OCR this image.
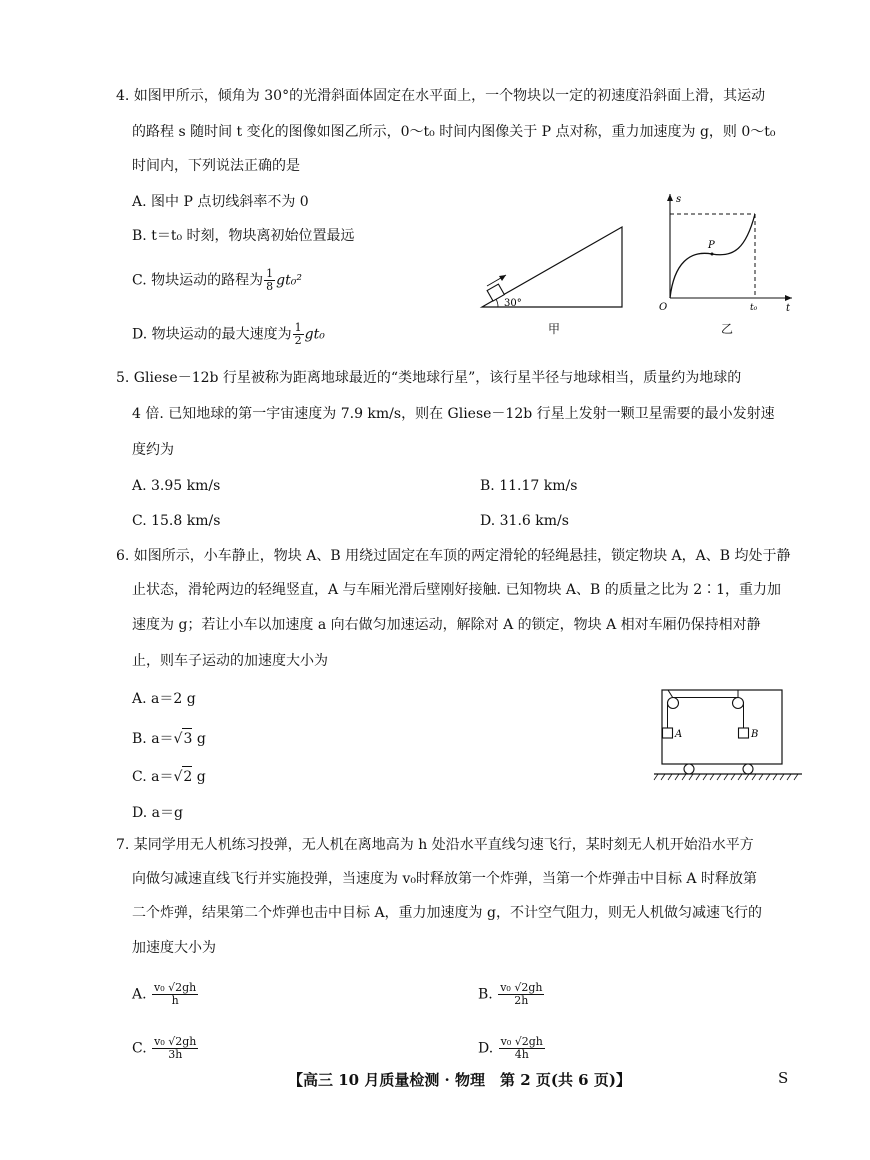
4. 如图甲所示，倾角为 30°的光滑斜面体固定在水平面上，一个物块以一定的初速度沿斜面上滑，其运动
的路程 s 随时间 t 变化的图像如图乙所示，0～t₀ 时间内图像关于 P 点对称，重力加速度为 g，则 0～t₀
时间内，下列说法正确的是
A. 图中 P 点切线斜率不为 0
B. t＝t₀ 时刻，物块离初始位置最远
C. 物块运动的路程为 $\frac{1}{8} gt_0^2$
D. 物块运动的最大速度为 $\frac{1}{2} gt_0$
30°
甲
s
t
O
P
t₀
乙
5. Gliese－12b 行星被称为距离地球最近的“类地球行星”，该行星半径与地球相当，质量约为地球的
4 倍. 已知地球的第一宇宙速度为 7.9 km/s，则在 Gliese－12b 行星上发射一颗卫星需要的最小发射速
度约为
A. 3.95 km/s	B. 11.17 km/s
C. 15.8 km/s	D. 31.6 km/s
6. 如图所示，小车静止，物块 A、B 用绕过固定在车顶的两定滑轮的轻绳悬挂，锁定物块 A，A、B 均处于静
止状态，滑轮两边的轻绳竖直，A 与车厢光滑后壁刚好接触. 已知物块 A、B 的质量之比为 2∶1，重力加
速度为 g；若让小车以加速度 a 向右做匀加速运动，解除对 A 的锁定，物块 A 相对车厢仍保持相对静
止，则车子运动的加速度大小为
A. a＝2 g
B. a＝√3 g
C. a＝√2 g
D. a＝g
A	B
7. 某同学用无人机练习投弹，无人机在离地高为 h 处沿水平直线匀速飞行，某时刻无人机开始沿水平方
向做匀减速直线飞行并实施投弹，当速度为 v₀时释放第一个炸弹，当第一个炸弹击中目标 A 时释放第
二个炸弹，结果第二个炸弹也击中目标 A，重力加速度为 g，不计空气阻力，则无人机做匀减速飞行的
加速度大小为
A. $\frac{\text{v₀ √2gh}}{h}$	B. $\frac{\text{v₀ √2gh}}{2h}$
C. $\frac{\text{v₀ √2gh}}{3h}$	D. $\frac{\text{v₀ √2gh}}{4h}$
【高三 10 月质量检测 · 物理　第 2 页(共 6 页)】	S
